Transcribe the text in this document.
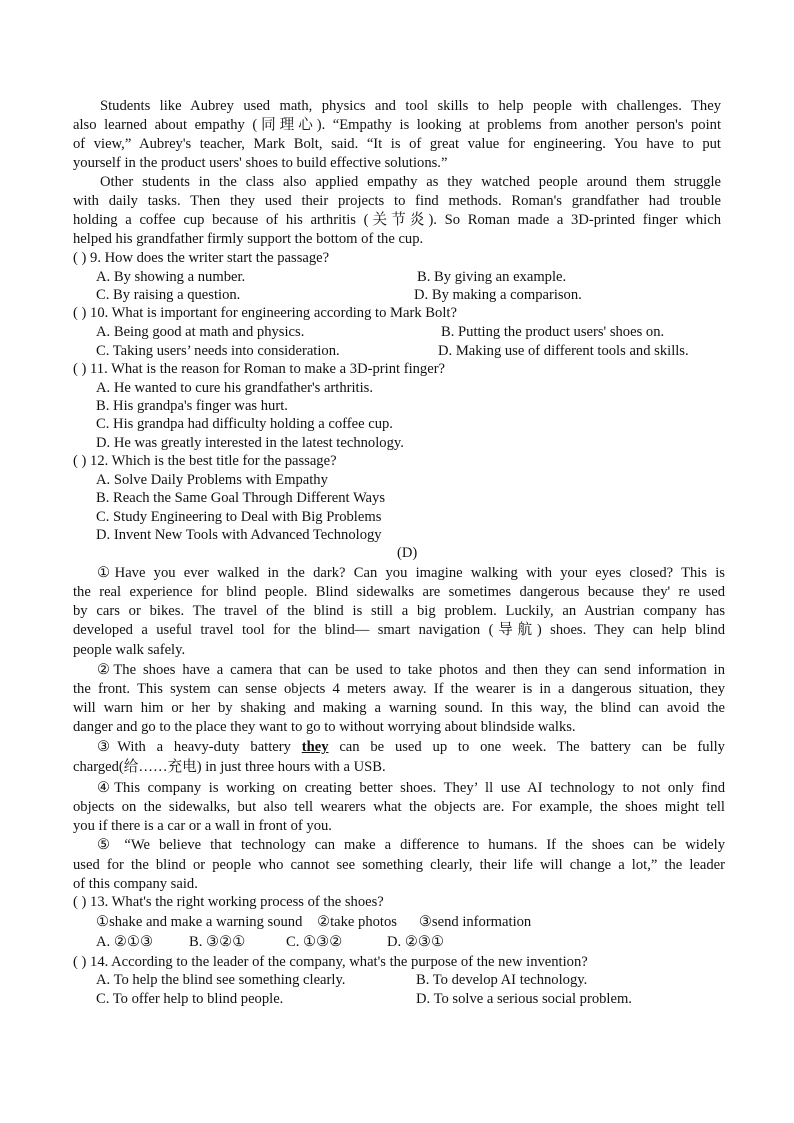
Students like Aubrey used math, physics and tool skills to help people with challenges. They
also learned about empathy (同理心). “Empathy is looking at problems from another person's point
of view,” Aubrey's teacher, Mark Bolt, said. “It is of great value for engineering. You have to put
yourself in the product users' shoes to build effective solutions.”
Other students in the class also applied empathy as they watched people around them struggle
with daily tasks. Then they used their projects to find methods. Roman's grandfather had trouble
holding a coffee cup because of his arthritis (关节炎). So Roman made a 3D-printed finger which
helped his grandfather firmly support the bottom of the cup.
( ) 9. How does the writer start the passage?
A. By showing a number.	B. By giving an example.
C. By raising a question.	D. By making a comparison.
( ) 10. What is important for engineering according to Mark Bolt?
A. Being good at math and physics.	B. Putting the product users' shoes on.
C. Taking users’ needs into consideration.	D. Making use of different tools and skills.
( ) 11. What is the reason for Roman to make a 3D-print finger?
A. He wanted to cure his grandfather's arthritis.
B. His grandpa's finger was hurt.
C. His grandpa had difficulty holding a coffee cup.
D. He was greatly interested in the latest technology.
( ) 12. Which is the best title for the passage?
A. Solve Daily Problems with Empathy
B. Reach the Same Goal Through Different Ways
C. Study Engineering to Deal with Big Problems
D. Invent New Tools with Advanced Technology
(D)
①Have you ever walked in the dark? Can you imagine walking with your eyes closed? This is
the real experience for blind people. Blind sidewalks are sometimes dangerous because they' re used
by cars or bikes. The travel of the blind is still a big problem. Luckily, an Austrian company has
developed a useful travel tool for the blind— smart navigation (导航) shoes. They can help blind
people walk safely.
②The shoes have a camera that can be used to take photos and then they can send information in
the front. This system can sense objects 4 meters away. If the wearer is in a dangerous situation, they
will warn him or her by shaking and making a warning sound. In this way, the blind can avoid the
danger and go to the place they want to go to without worrying about blindside walks.
③With a heavy-duty battery they can be used up to one week. The battery can be fully
charged(给……充电) in just three hours with a USB.
④This company is working on creating better shoes. They’ ll use AI technology to not only find
objects on the sidewalks, but also tell wearers what the objects are. For example, the shoes might tell
you if there is a car or a wall in front of you.
⑤ “We believe that technology can make a difference to humans. If the shoes can be widely
used for the blind or people who cannot see something clearly, their life will change a lot,” the leader
of this company said.
( ) 13. What's the right working process of the shoes?
①shake and make a warning sound    ②take photos      ③send information
A. ②①③ B. ③②①	C. ①③②	D. ②③①
( ) 14. According to the leader of the company, what's the purpose of the new invention?
A. To help the blind see something clearly.	B. To develop AI technology.
C. To offer help to blind people.	D. To solve a serious social problem.
